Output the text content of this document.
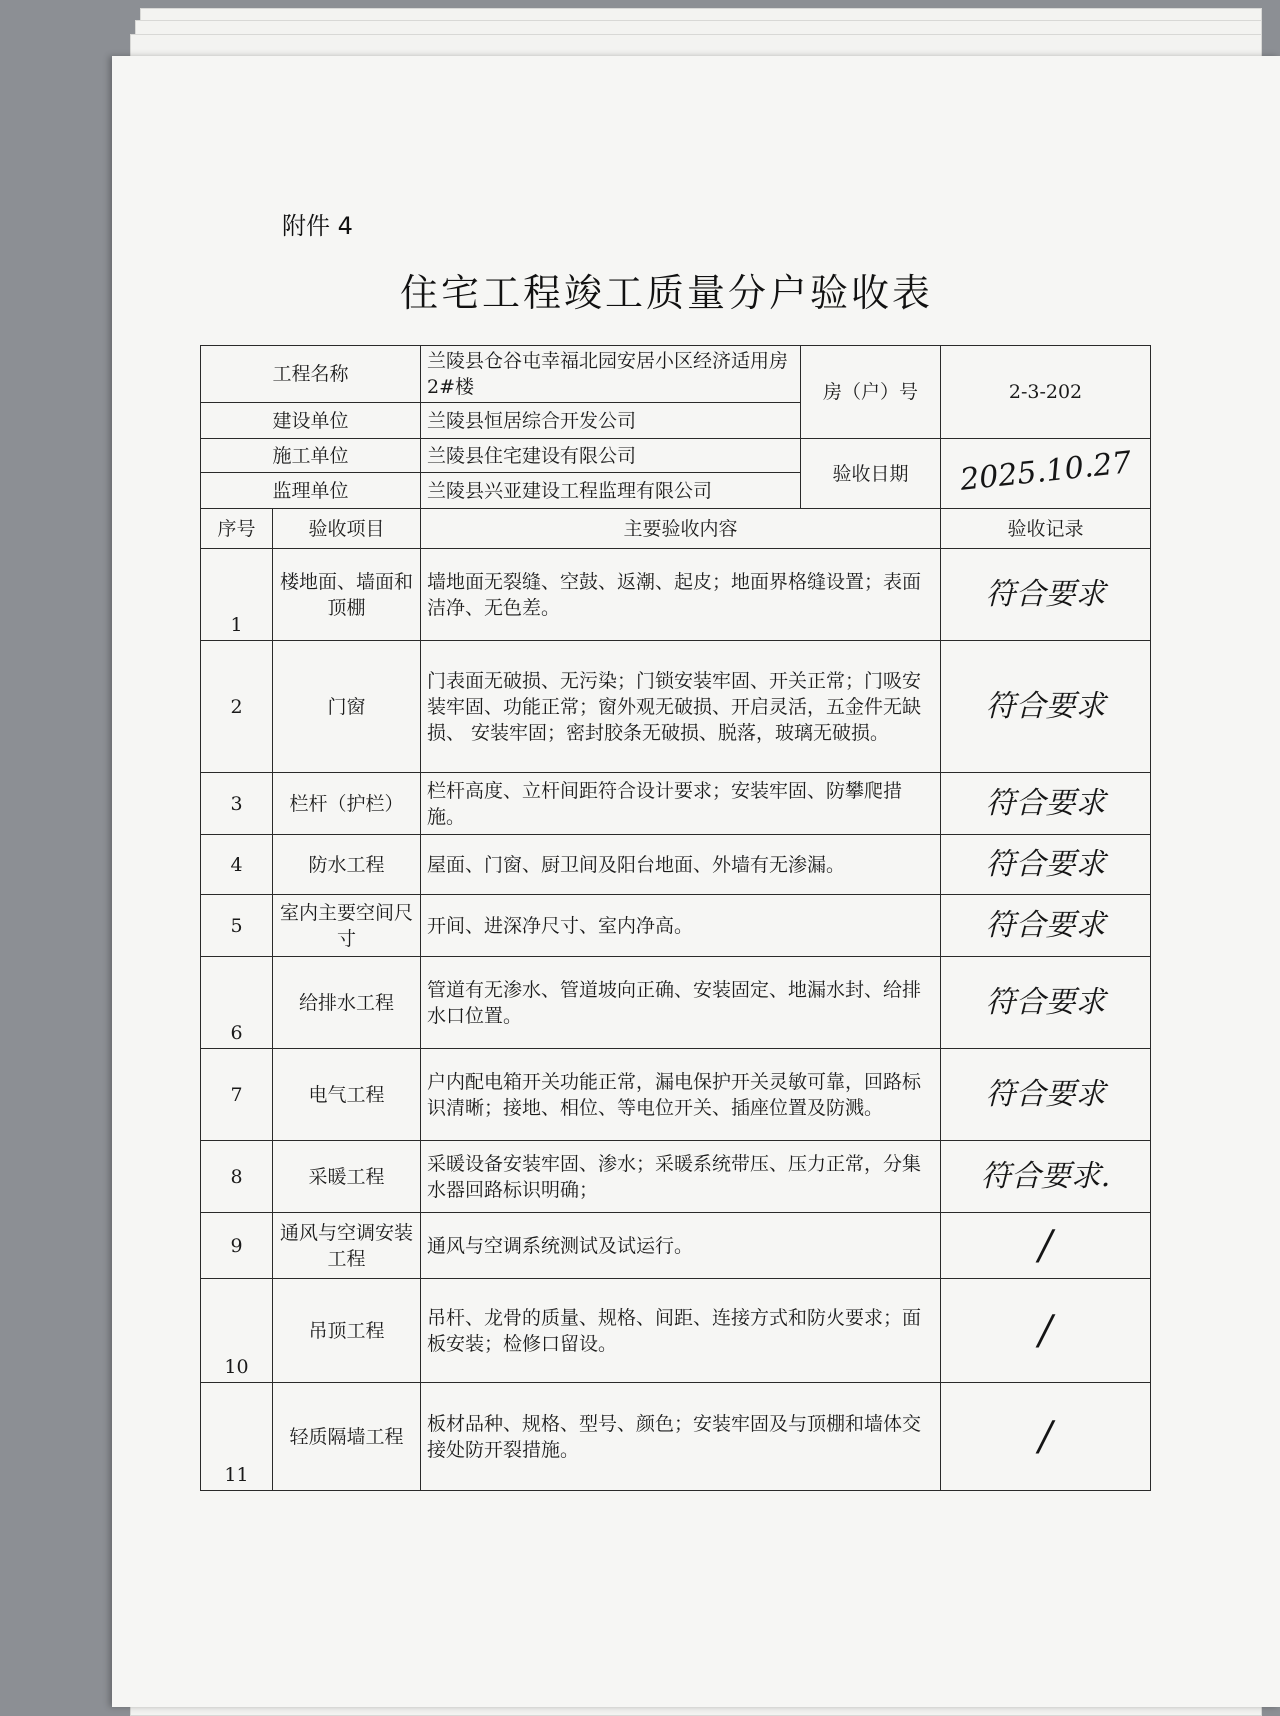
附件 4
住宅工程竣工质量分户验收表
工程名称		兰陵县仓谷屯幸福北园安居小区经济适用房2#楼	房（户）号	2-3-202
建设单位		兰陵县恒居综合开发公司		
施工单位		兰陵县住宅建设有限公司	验收日期	2025.10.27
监理单位		兰陵县兴亚建设工程监理有限公司		
序号	验收项目	主要验收内容		验收记录
1	楼地面、墙面和顶棚	墙地面无裂缝、空鼓、返潮、起皮；地面界格缝设置；表面洁净、无色差。		符合要求
2	门窗	门表面无破损、无污染；门锁安装牢固、开关正常；门吸安装牢固、功能正常；窗外观无破损、开启灵活，五金件无缺损、 安装牢固；密封胶条无破损、脱落，玻璃无破损。		符合要求
3	栏杆（护栏）	栏杆高度、立杆间距符合设计要求；安装牢固、防攀爬措施。		符合要求
4	防水工程	屋面、门窗、厨卫间及阳台地面、外墙有无渗漏。		符合要求
5	室内主要空间尺寸	开间、进深净尺寸、室内净高。		符合要求
6	给排水工程	管道有无渗水、管道坡向正确、安装固定、地漏水封、给排水口位置。		符合要求
7	电气工程	户内配电箱开关功能正常，漏电保护开关灵敏可靠，回路标识清晰；接地、相位、等电位开关、插座位置及防溅。		符合要求
8	采暖工程	采暖设备安装牢固、渗水；采暖系统带压、压力正常，分集水器回路标识明确；		符合要求.
9	通风与空调安装工程	通风与空调系统测试及试运行。		/
10	吊顶工程	吊杆、龙骨的质量、规格、间距、连接方式和防火要求；面板安装；检修口留设。		/
11	轻质隔墙工程	板材品种、规格、型号、颜色；安装牢固及与顶棚和墙体交接处防开裂措施。		/
